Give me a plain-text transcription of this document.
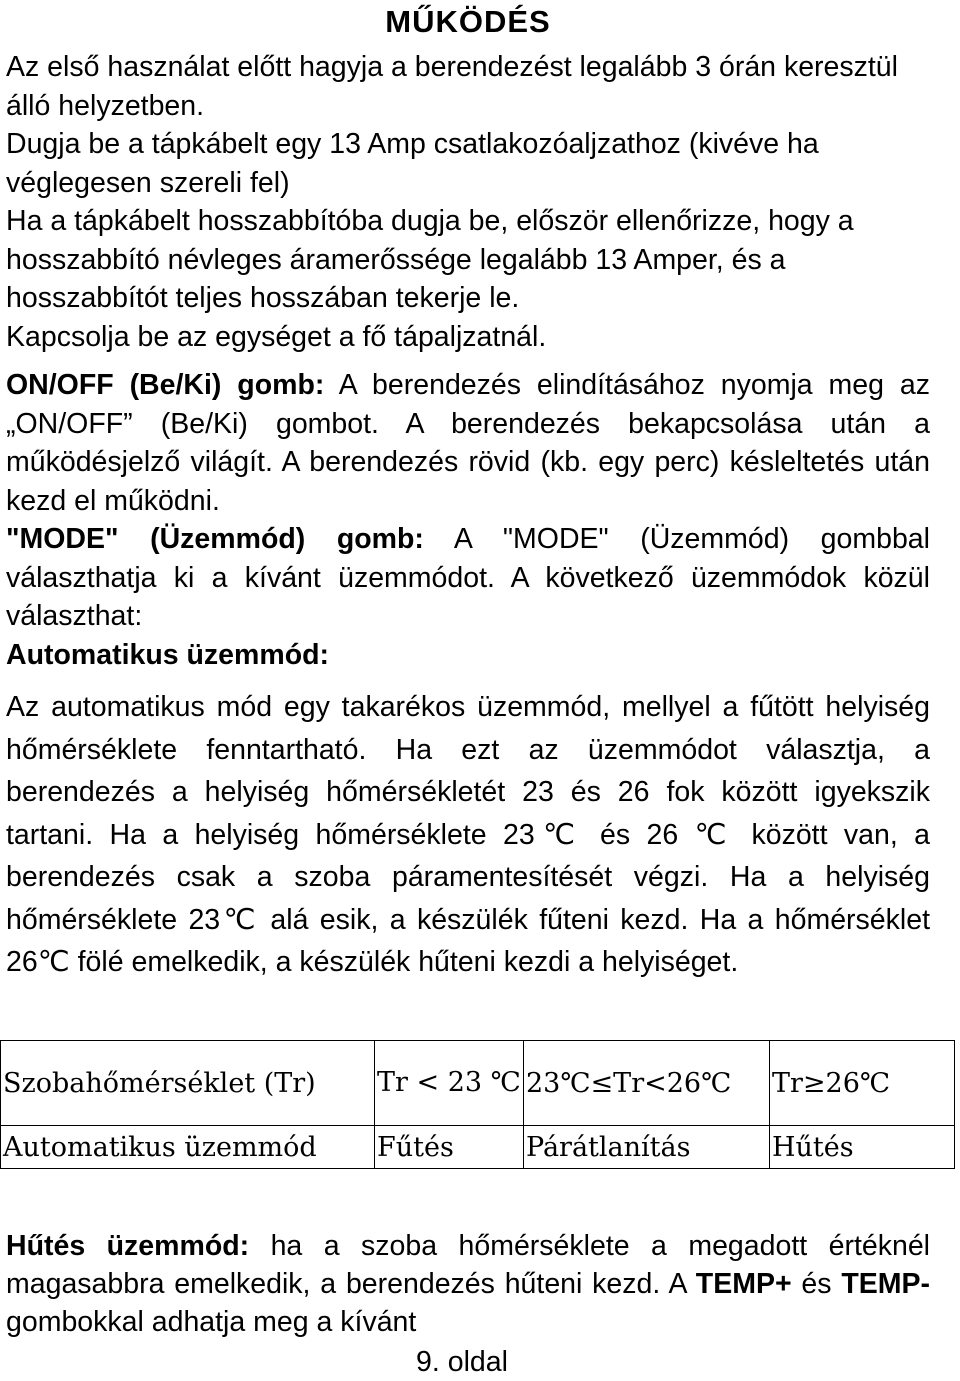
MŰKÖDÉS

Az első használat előtt hagyja a berendezést legalább 3 órán keresztül álló helyzetben.

Dugja be a tápkábelt egy 13 Amp csatlakozóaljzathoz (kivéve ha véglegesen szereli fel)

Ha a tápkábelt hosszabbítóba dugja be, először ellenőrizze, hogy a hosszabbító névleges áramerőssége legalább 13 Amper, és a hosszabbítót teljes hosszában tekerje le.

Kapcsolja be az egységet a fő tápaljzatnál.

ON/OFF (Be/Ki) gomb: A berendezés elindításához nyomja meg az „ON/OFF” (Be/Ki) gombot. A berendezés bekapcsolása után a működésjelző világít. A berendezés rövid (kb. egy perc) késleltetés után kezd el működni.

"MODE" (Üzemmód) gomb: A "MODE" (Üzemmód) gombbal választhatja ki a kívánt üzemmódot. A következő üzemmódok közül választhat:

Automatikus üzemmód:

Az automatikus mód egy takarékos üzemmód, mellyel a fűtött helyiség hőmérséklete fenntartható. Ha ezt az üzemmódot választja, a berendezés a helyiség hőmérsékletét 23 és 26 fok között igyekszik tartani. Ha a helyiség hőmérséklete 23℃ és 26 ℃ között van, a berendezés csak a szoba páramentesítését végzi. Ha a helyiség hőmérséklete 23℃ alá esik, a készülék fűteni kezd. Ha a hőmérséklet 26℃ fölé emelkedik, a készülék hűteni kezdi a helyiséget.

Szobahőmérséklet (Tr)	Tr < 23 ℃	23℃≤Tr<26℃	Tr≥26℃
Automatikus üzemmód	Fűtés	Párátlanítás	Hűtés

Hűtés üzemmód: ha a szoba hőmérséklete a megadott értéknél magasabbra emelkedik, a berendezés hűteni kezd. A TEMP+ és TEMP- gombokkal adhatja meg a kívánt

9. oldal
